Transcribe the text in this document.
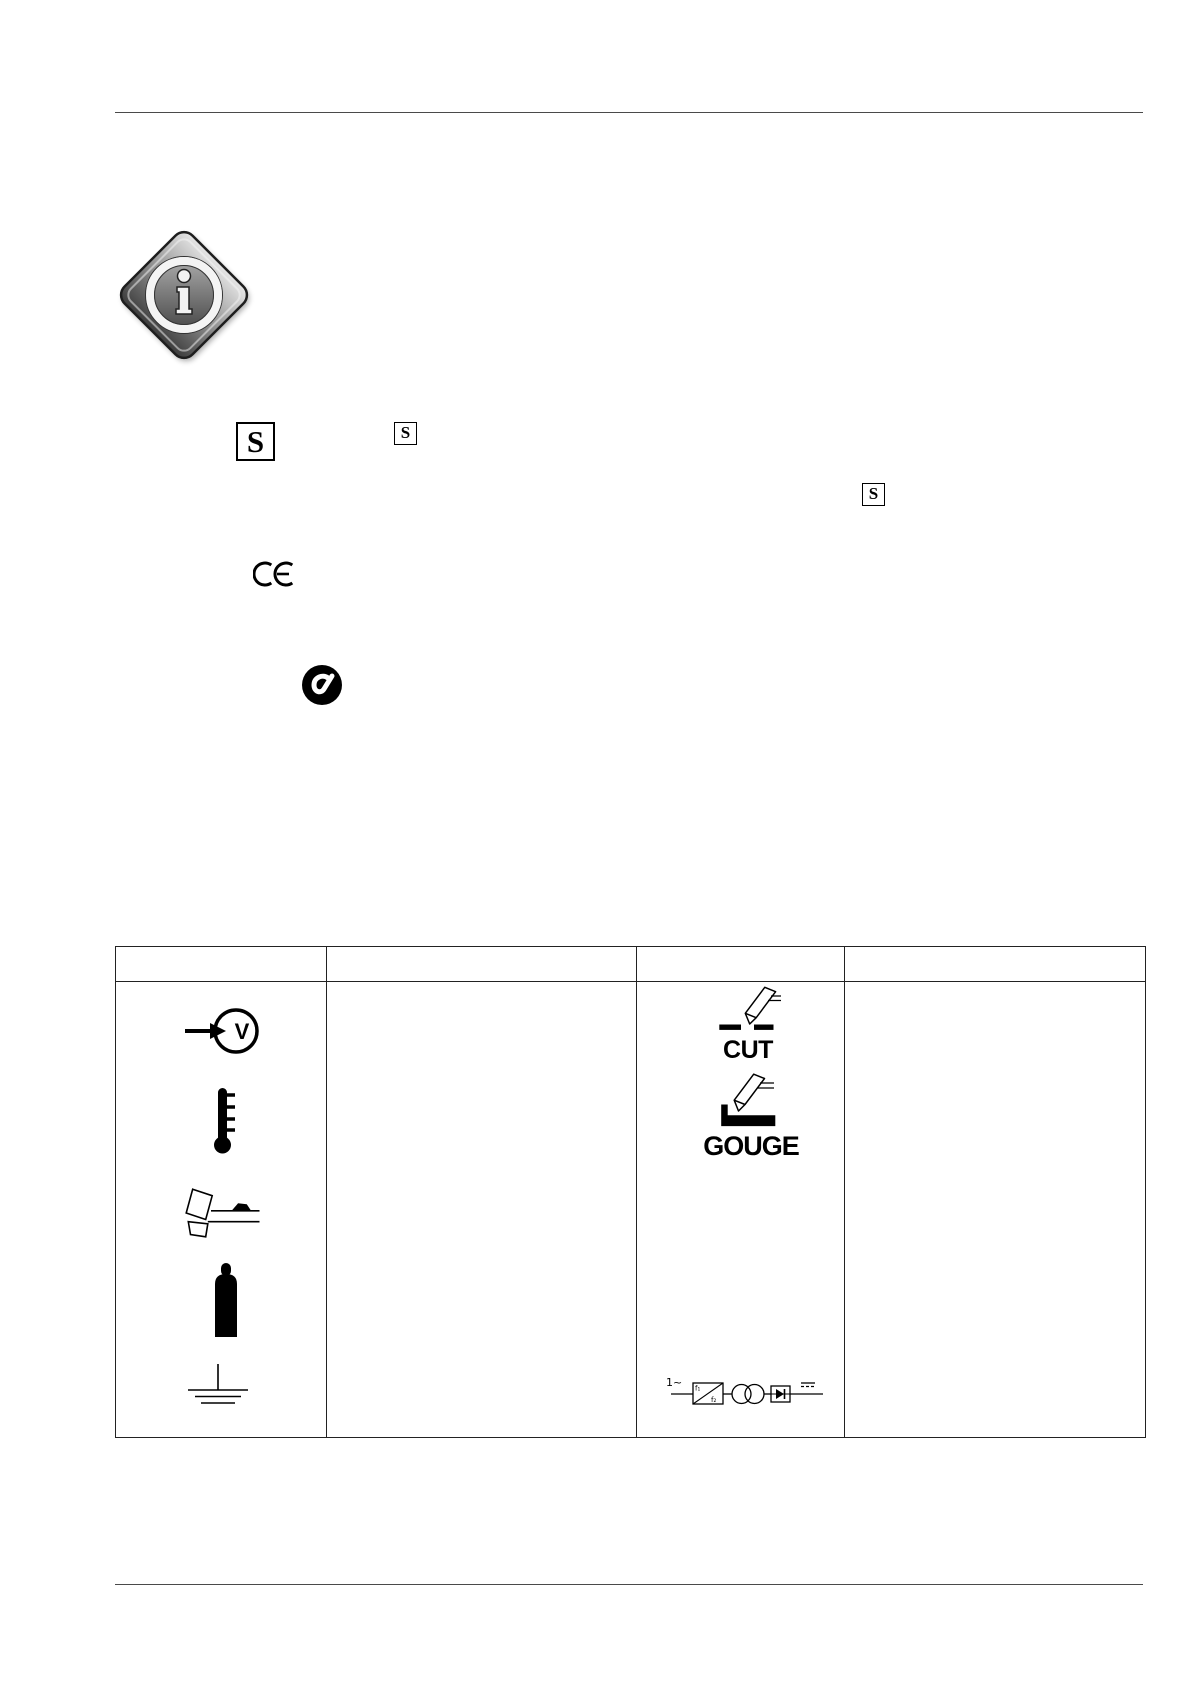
S	S
S
V
CUT
GOUGE
1~ f₁
f₂
